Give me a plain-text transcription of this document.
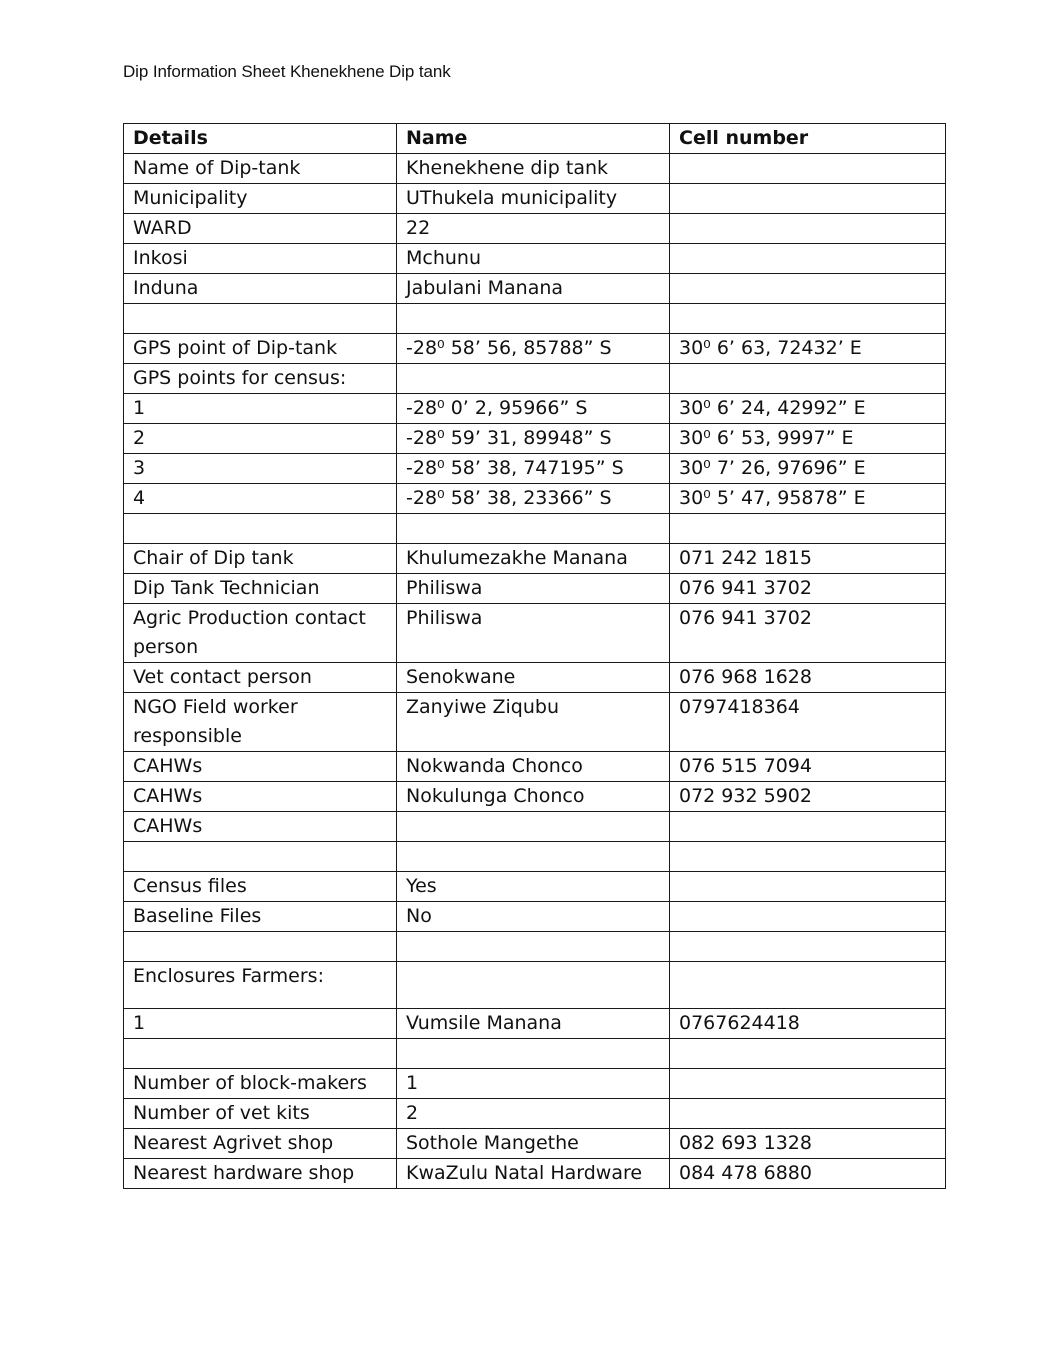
Dip Information Sheet Khenekhene Dip tank
Details	Name	Cell number
Name of Dip-tank	Khenekhene dip tank	
Municipality	UThukela municipality	
WARD	22	
Inkosi	Mchunu	
Induna	Jabulani Manana	

GPS point of Dip-tank	-28⁰ 58’ 56, 85788” S	30⁰ 6’ 63, 72432’ E
GPS points for census:		
1	-28⁰ 0’ 2, 95966” S	30⁰ 6’ 24, 42992” E
2	-28⁰ 59’ 31, 89948” S	30⁰ 6’ 53, 9997” E
3	-28⁰ 58’ 38, 747195” S	30⁰ 7’ 26, 97696” E
4	-28⁰ 58’ 38, 23366” S	30⁰ 5’ 47, 95878” E

Chair of Dip tank	Khulumezakhe Manana	071 242 1815
Dip Tank Technician	Philiswa	076 941 3702
Agric Production contact person	Philiswa	076 941 3702
Vet contact person	Senokwane	076 968 1628
NGO Field worker responsible	Zanyiwe Ziqubu	0797418364
CAHWs	Nokwanda Chonco	076 515 7094
CAHWs	Nokulunga Chonco	072 932 5902
CAHWs		

Census files	Yes	
Baseline Files	No	

Enclosures Farmers:		
1	Vumsile Manana	0767624418

Number of block-makers	1	
Number of vet kits	2	
Nearest Agrivet shop	Sothole Mangethe	082 693 1328
Nearest hardware shop	KwaZulu Natal Hardware	084 478 6880
